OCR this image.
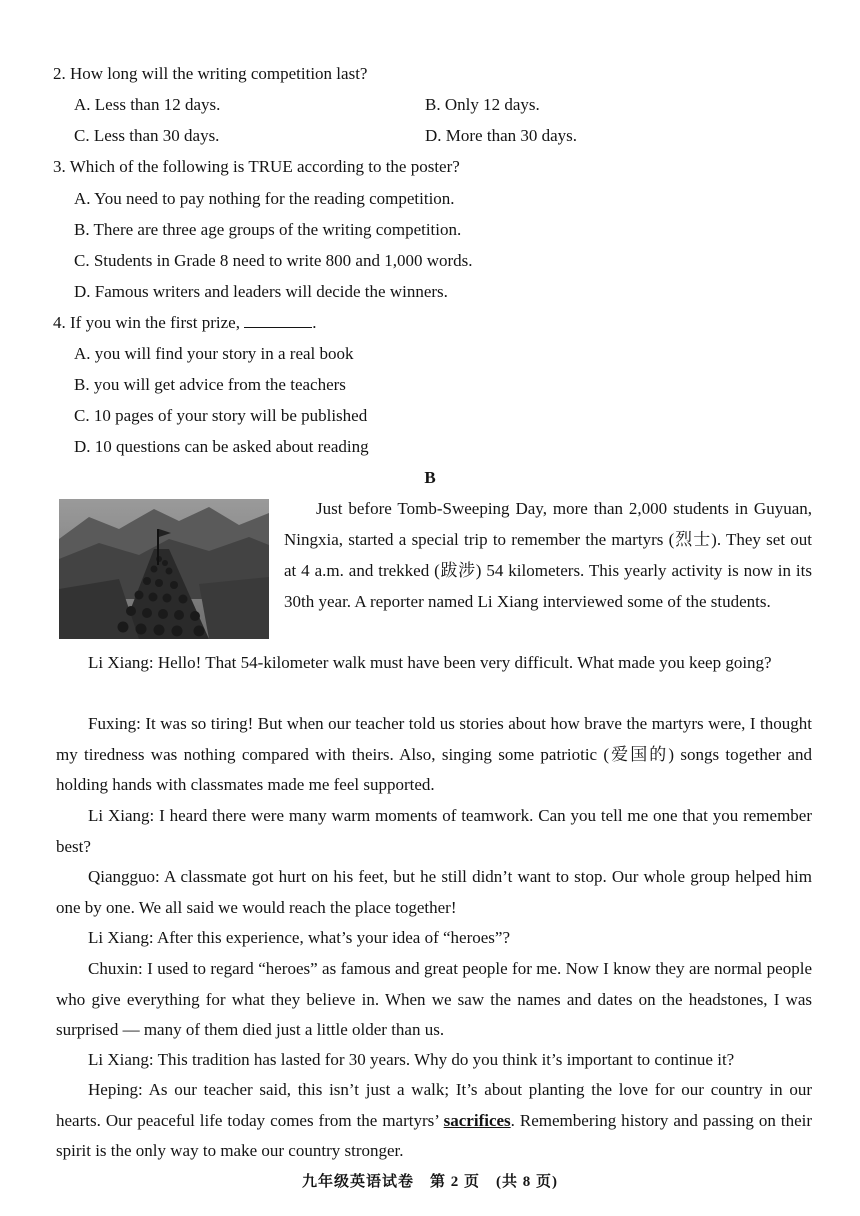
2. How long will the writing competition last?
A. Less than 12 days.	B. Only 12 days.
C. Less than 30 days.	D. More than 30 days.
3. Which of the following is TRUE according to the poster?
A. You need to pay nothing for the reading competition.
B. There are three age groups of the writing competition.
C. Students in Grade 8 need to write 800 and 1,000 words.
D. Famous writers and leaders will decide the winners.
4. If you win the first prize,	.
A. you will find your story in a real book
B. you will get advice from the teachers
C. 10 pages of your story will be published
D. 10 questions can be asked about reading
B

Just before Tomb-Sweeping Day, more than 2,000 students in Guyuan, Ningxia, started a special trip to remember the martyrs (烈士). They set out at 4 a.m. and trekked (跋涉) 54 kilometers. This yearly activity is now in its 30th year. A reporter named Li Xiang interviewed some of the students.

Li Xiang: Hello! That 54-kilometer walk must have been very difficult. What made you keep going?

Fuxing: It was so tiring! But when our teacher told us stories about how brave the martyrs were, I thought my tiredness was nothing compared with theirs. Also, singing some patriotic (爱国的) songs together and holding hands with classmates made me feel supported.

Li Xiang: I heard there were many warm moments of teamwork. Can you tell me one that you remember best?

Qiangguo: A classmate got hurt on his feet, but he still didn’t want to stop. Our whole group helped him one by one. We all said we would reach the place together!

Li Xiang: After this experience, what’s your idea of “heroes”?

Chuxin: I used to regard “heroes” as famous and great people for me. Now I know they are normal people who give everything for what they believe in. When we saw the names and dates on the headstones, I was surprised — many of them died just a little older than us.

Li Xiang: This tradition has lasted for 30 years. Why do you think it’s important to continue it?

Heping: As our teacher said, this isn’t just a walk; It’s about planting the love for our country in our hearts. Our peaceful life today comes from the martyrs’ sacrifices. Remembering history and passing on their spirit is the only way to make our country stronger.

九年级英语试卷　第 2 页　(共 8 页)
